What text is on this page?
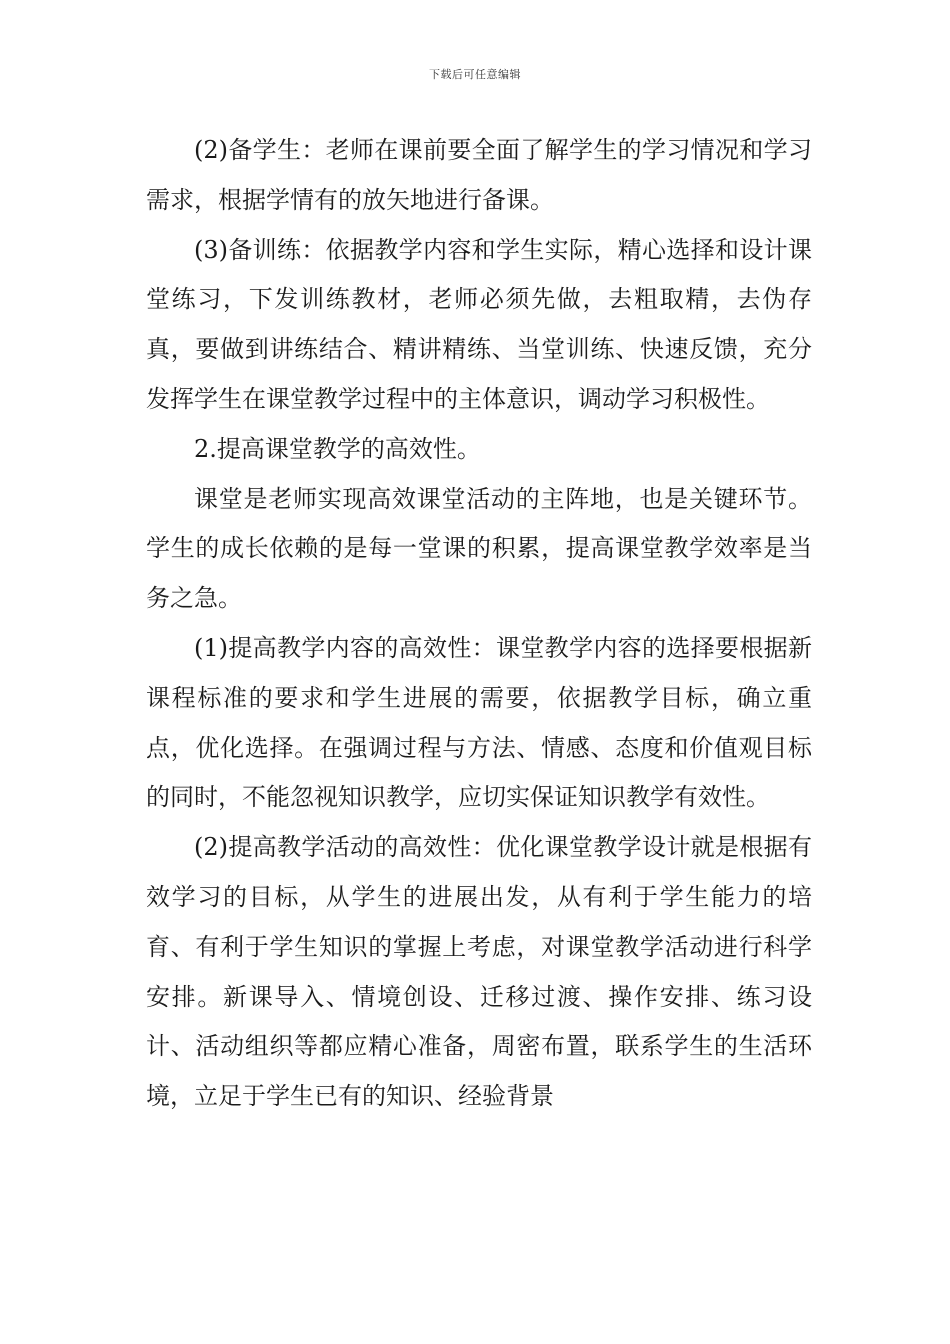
下载后可任意编辑

(2)备学生：老师在课前要全面了解学生的学习情况和学习需求，根据学情有的放矢地进行备课。

(3)备训练：依据教学内容和学生实际，精心选择和设计课堂练习，下发训练教材，老师必须先做，去粗取精，去伪存真，要做到讲练结合、精讲精练、当堂训练、快速反馈，充分发挥学生在课堂教学过程中的主体意识，调动学习积极性。

2.提高课堂教学的高效性。

课堂是老师实现高效课堂活动的主阵地，也是关键环节。学生的成长依赖的是每一堂课的积累，提高课堂教学效率是当务之急。

(1)提高教学内容的高效性：课堂教学内容的选择要根据新课程标准的要求和学生进展的需要，依据教学目标，确立重点，优化选择。在强调过程与方法、情感、态度和价值观目标的同时，不能忽视知识教学，应切实保证知识教学有效性。

(2)提高教学活动的高效性：优化课堂教学设计就是根据有效学习的目标，从学生的进展出发，从有利于学生能力的培育、有利于学生知识的掌握上考虑，对课堂教学活动进行科学安排。新课导入、情境创设、迁移过渡、操作安排、练习设计、活动组织等都应精心准备，周密布置，联系学生的生活环境，立足于学生已有的知识、经验背景
